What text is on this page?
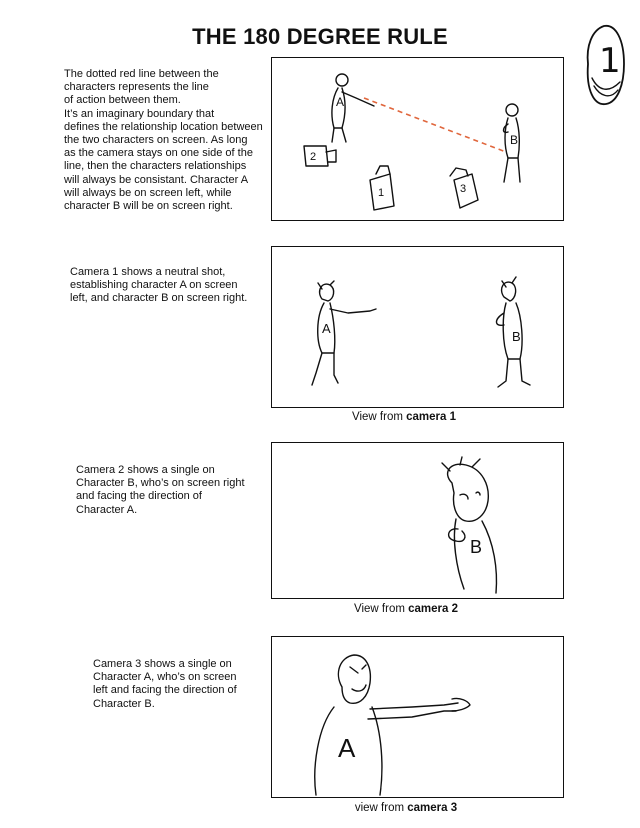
THE 180 DEGREE RULE
1
The dotted red line between the
characters represents the line
of action between them.
It’s an imaginary boundary that
defines the relationship location between
the two characters on screen. As long
as the camera stays on one side of the
line, then the characters relationships
will always be consistant. Character A
will always be on screen left, while
character B will be on screen right.
A
B
2
1	3
Camera 1 shows a neutral shot,
establishing character A on screen
left, and character B on screen right.
A
B
View from camera 1
Camera 2 shows a single on
Character B, who’s on screen right
and facing the direction of
Character A.
B
View from camera 2
Camera 3 shows a single on
Character A, who’s on screen
left and facing the direction of
Character B.
A
view from camera 3
